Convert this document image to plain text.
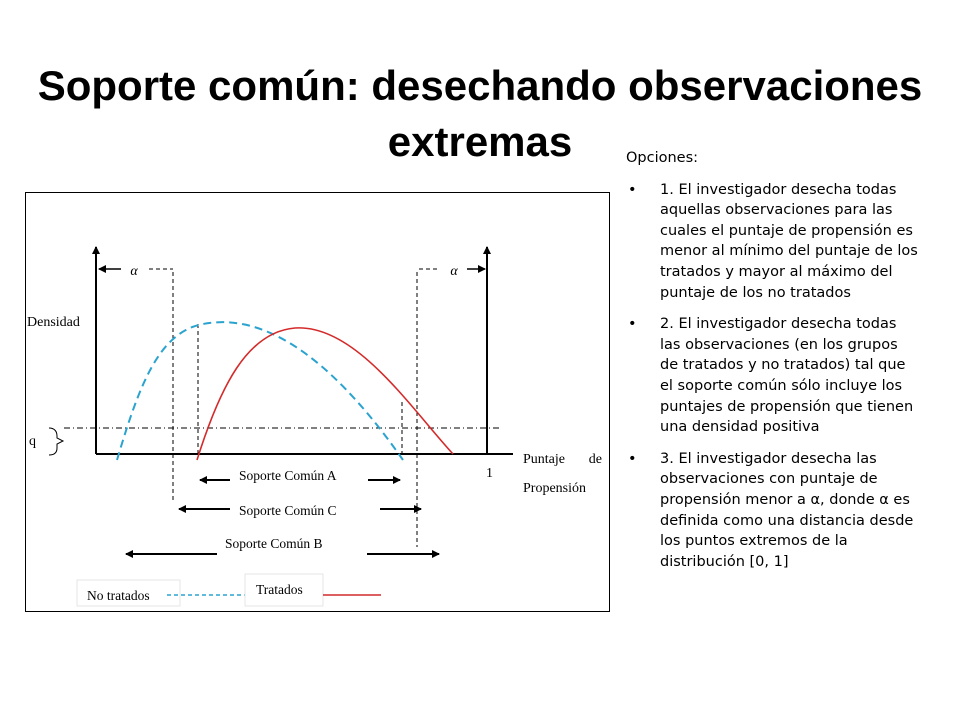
Soporte común: desechando observaciones
extremas	Opciones:
• 1. El investigador desecha todas aquellas observaciones para las cuales el puntaje de propensión es menor al mínimo del puntaje de los tratados y mayor al máximo del puntaje de los no tratados
• 2. El investigador desecha todas las observaciones (en los grupos de tratados y no tratados) tal que el soporte común sólo incluye los puntajes de propensión que tienen una densidad positiva
• 3. El investigador desecha las observaciones con puntaje de propensión menor a α, donde α es definida como una distancia desde los puntos extremos de la distribución [0, 1]
α	α
Densidad
q
1
Puntaje de
Propensión
Soporte Común A
Soporte Común C
Soporte Común B
No tratados	Tratados
